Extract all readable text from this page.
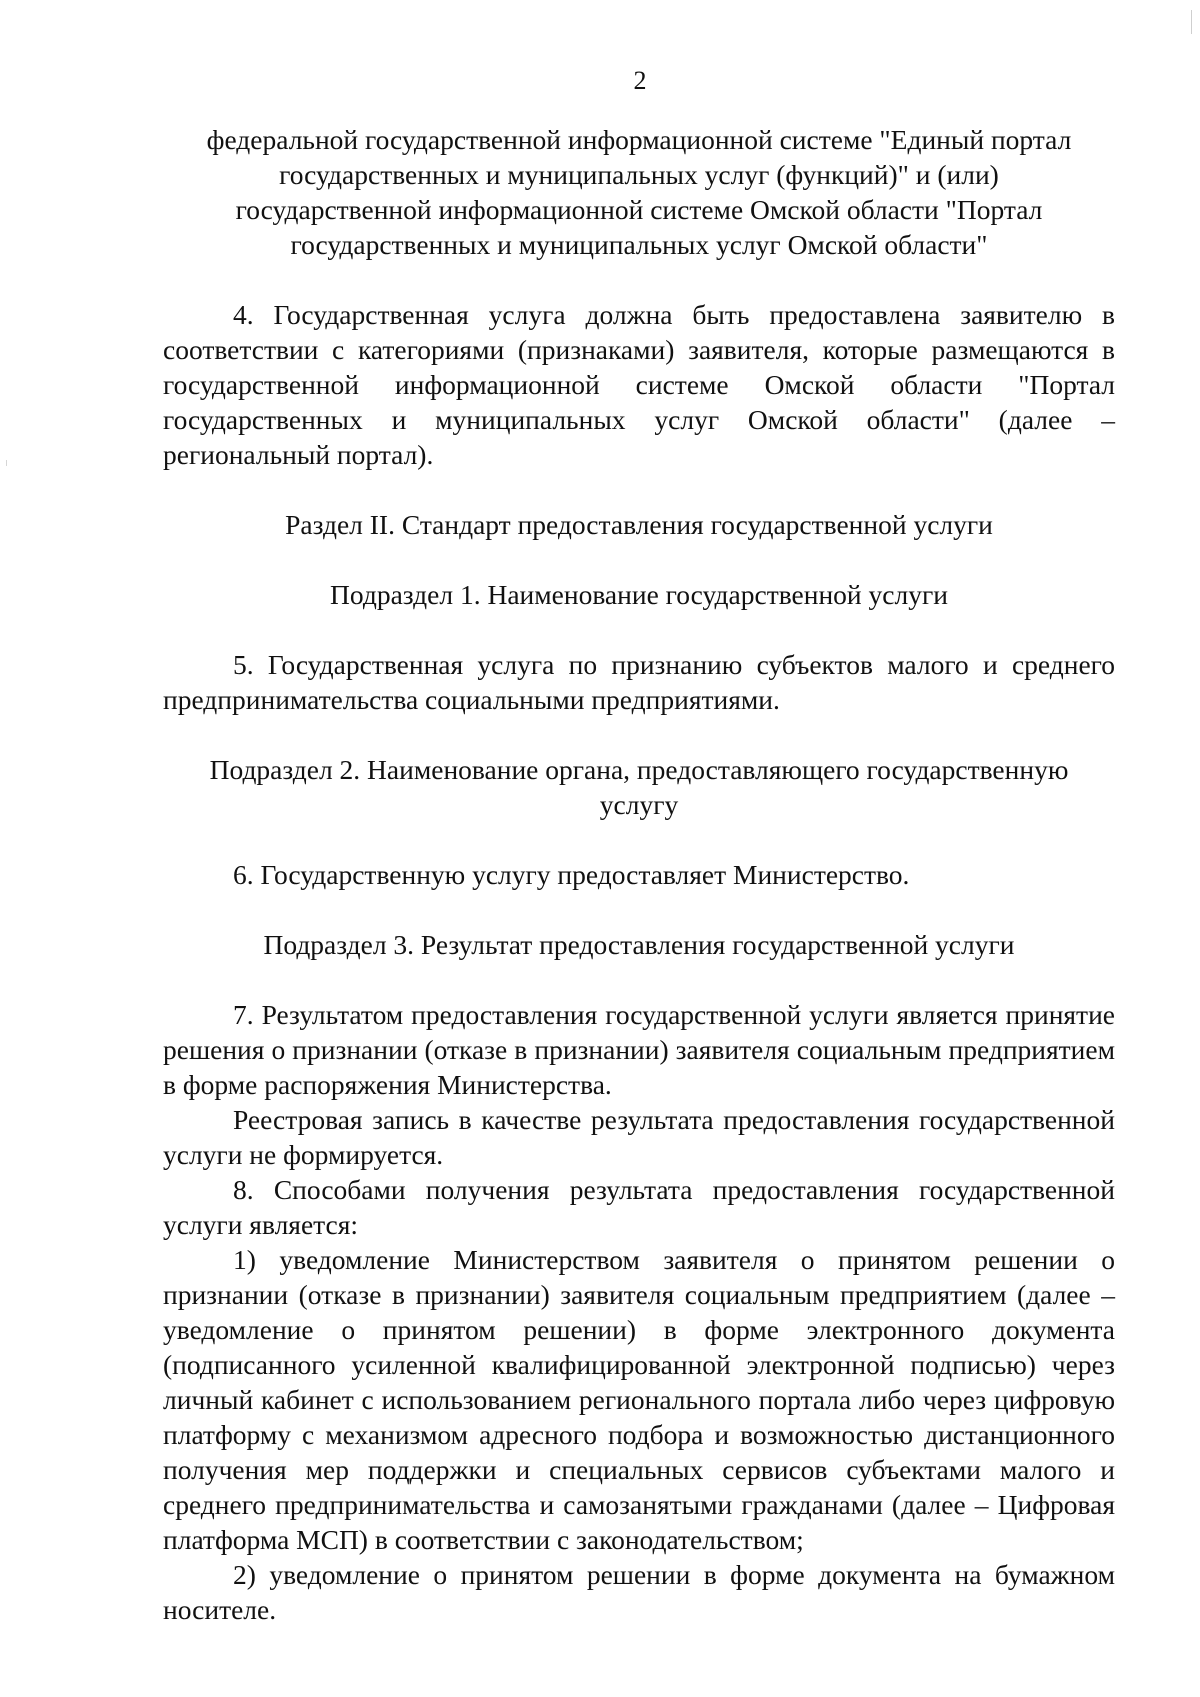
2

федеральной государственной информационной системе "Единый портал государственных и муниципальных услуг (функций)" и (или) государственной информационной системе Омской области "Портал государственных и муниципальных услуг Омской области"

4. Государственная услуга должна быть предоставлена заявителю в соответствии с категориями (признаками) заявителя, которые размещаются в государственной информационной системе Омской области "Портал государственных и муниципальных услуг Омской области" (далее – региональный портал).

Раздел II. Стандарт предоставления государственной услуги

Подраздел 1. Наименование государственной услуги

5. Государственная услуга по признанию субъектов малого и среднего предпринимательства социальными предприятиями.

Подраздел 2. Наименование органа, предоставляющего государственную услугу

6. Государственную услугу предоставляет Министерство.

Подраздел 3. Результат предоставления государственной услуги

7. Результатом предоставления государственной услуги является принятие решения о признании (отказе в признании) заявителя социальным предприятием в форме распоряжения Министерства.

Реестровая запись в качестве результата предоставления государственной услуги не формируется.

8. Способами получения результата предоставления государственной услуги является:

1) уведомление Министерством заявителя о принятом решении о признании (отказе в признании) заявителя социальным предприятием (далее – уведомление о принятом решении) в форме электронного документа (подписанного усиленной квалифицированной электронной подписью) через личный кабинет с использованием регионального портала либо через цифровую платформу с механизмом адресного подбора и возможностью дистанционного получения мер поддержки и специальных сервисов субъектами малого и среднего предпринимательства и самозанятыми гражданами (далее – Цифровая платформа МСП) в соответствии с законодательством;

2) уведомление о принятом решении в форме документа на бумажном носителе.
